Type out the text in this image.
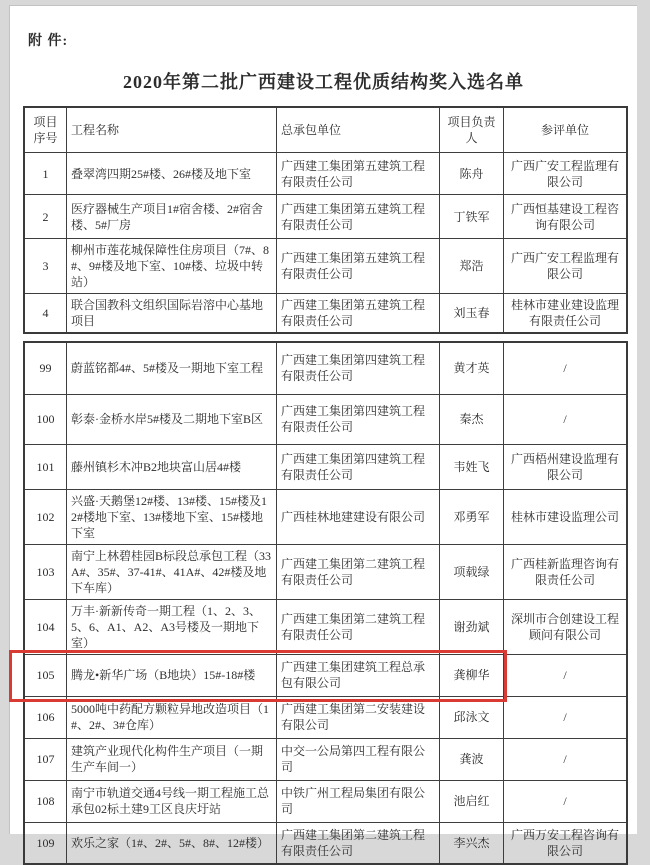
附 件:
2020年第二批广西建设工程优质结构奖入选名单
项目序号	工程名称	总承包单位	项目负责人	参评单位
1	叠翠湾四期25#楼、26#楼及地下室	广西建工集团第五建筑工程有限责任公司	陈舟	广西广安工程监理有限公司
2	医疗器械生产项目1#宿舍楼、2#宿舍楼、5#厂房	广西建工集团第五建筑工程有限责任公司	丁铁军	广西恒基建设工程咨询有限公司
3	柳州市莲花城保障性住房项目（7#、8#、9#楼及地下室、10#楼、垃圾中转站）	广西建工集团第五建筑工程有限责任公司	郑浩	广西广安工程监理有限公司
4	联合国教科文组织国际岩溶中心基地项目	广西建工集团第五建筑工程有限责任公司	刘玉春	桂林市建业建设监理有限责任公司
99	蔚蓝铭都4#、5#楼及一期地下室工程	广西建工集团第四建筑工程有限责任公司	黄才英	/
100	彰泰·金桥水岸5#楼及二期地下室B区	广西建工集团第四建筑工程有限责任公司	秦杰	/
101	藤州镇杉木冲B2地块富山居4#楼	广西建工集团第四建筑工程有限责任公司	韦姓飞	广西梧州建设监理有限公司
102	兴盛·天鹅堡12#楼、13#楼、15#楼及12#楼地下室、13#楼地下室、15#楼地下室	广西桂林地建建设有限公司	邓勇军	桂林市建设监理公司
103	南宁上林碧桂园B标段总承包工程（33A#、35#、37-41#、41A#、42#楼及地下车库）	广西建工集团第二建筑工程有限责任公司	项载绿	广西桂新监理咨询有限责任公司
104	万丰·新新传奇一期工程（1、2、3、5、6、A1、A2、A3号楼及一期地下室）	广西建工集团第二建筑工程有限责任公司	谢劲斌	深圳市合创建设工程顾问有限公司
105	腾龙•新华广场（B地块）15#-18#楼	广西建工集团建筑工程总承包有限公司	龚柳华	/
106	5000吨中药配方颗粒异地改造项目（1#、2#、3#仓库）	广西建工集团第二安装建设有限公司	邱泳文	/
107	建筑产业现代化构件生产项目（一期生产车间一）	中交一公局第四工程有限公司	龚波	/
108	南宁市轨道交通4号线一期工程施工总承包02标土建9工区良庆圩站	中铁广州工程局集团有限公司	池启红	/
109	欢乐之家（1#、2#、5#、8#、12#楼）	广西建工集团第二建筑工程有限责任公司	李兴杰	广西万安工程咨询有限公司
